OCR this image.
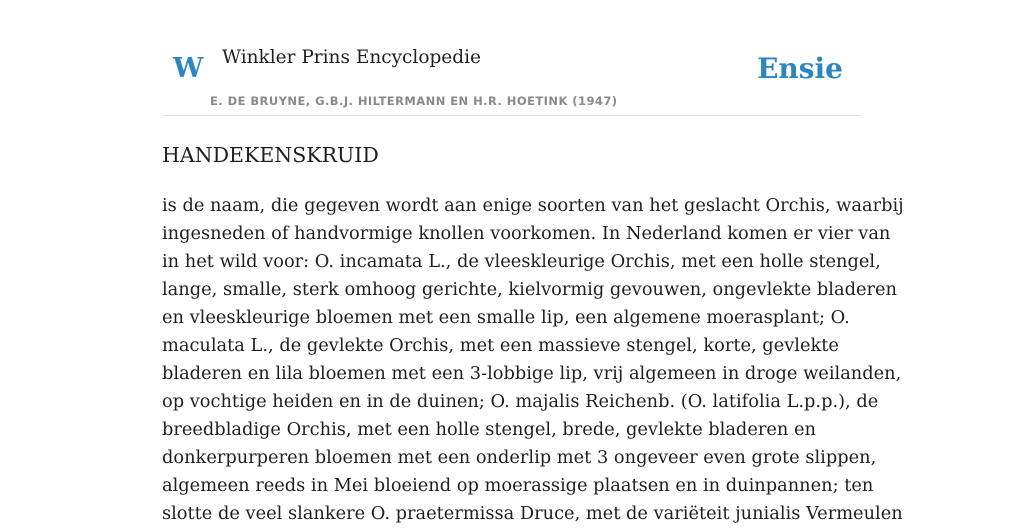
W Winkler Prins Encyclopedie
E. DE BRUYNE, G.B.J. HILTERMANN EN H.R. HOETINK (1947)
Ensie
HANDEKENSKRUID
is de naam, die gegeven wordt aan enige soorten van het geslacht Orchis, waarbij
ingesneden of handvormige knollen voorkomen. In Nederland komen er vier van
in het wild voor: O. incamata L., de vleeskleurige Orchis, met een holle stengel,
lange, smalle, sterk omhoog gerichte, kielvormig gevouwen, ongevlekte bladeren
en vleeskleurige bloemen met een smalle lip, een algemene moerasplant; O.
maculata L., de gevlekte Orchis, met een massieve stengel, korte, gevlekte
bladeren en lila bloemen met een 3-lobbige lip, vrij algemeen in droge weilanden,
op vochtige heiden en in de duinen; O. majalis Reichenb. (O. latifolia L.p.p.), de
breedbladige Orchis, met een holle stengel, brede, gevlekte bladeren en
donkerpurperen bloemen met een onderlip met 3 ongeveer even grote slippen,
algemeen reeds in Mei bloeiend op moerassige plaatsen en in duinpannen; ten
slotte de veel slankere O. praetermissa Druce, met de variëteit junialis Vermeulen
